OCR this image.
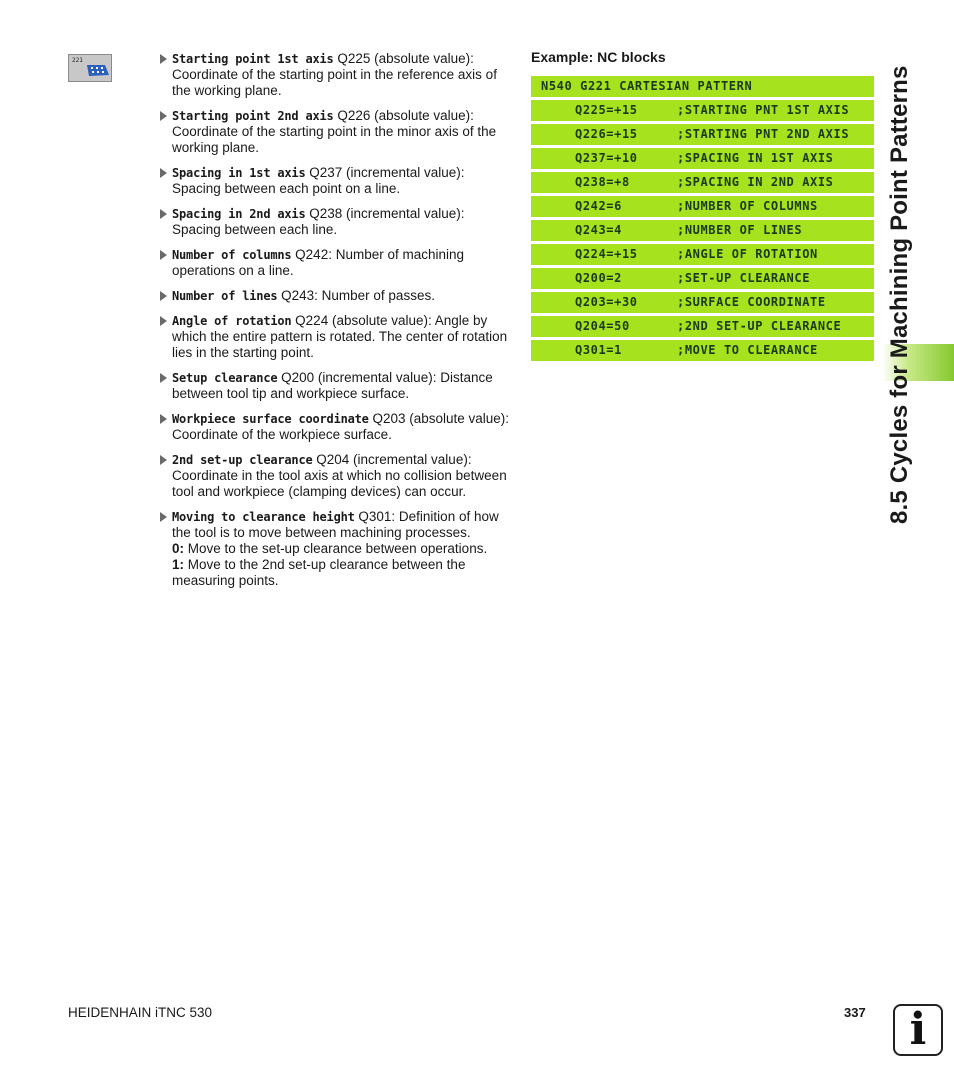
221	Starting point 1st axis Q225 (absolute value): Coordinate of the starting point in the reference axis of the working plane.
Starting point 2nd axis Q226 (absolute value): Coordinate of the starting point in the minor axis of the working plane.
Spacing in 1st axis Q237 (incremental value): Spacing between each point on a line.
Spacing in 2nd axis Q238 (incremental value): Spacing between each line.
Number of columns Q242: Number of machining operations on a line.
Number of lines Q243: Number of passes.
Angle of rotation Q224 (absolute value): Angle by which the entire pattern is rotated. The center of rotation lies in the starting point.
Setup clearance Q200 (incremental value): Distance between tool tip and workpiece surface.
Workpiece surface coordinate Q203 (absolute value): Coordinate of the workpiece surface.
2nd set-up clearance Q204 (incremental value): Coordinate in the tool axis at which no collision between tool and workpiece (clamping devices) can occur.
Moving to clearance height Q301: Definition of how the tool is to move between machining processes.
0: Move to the set-up clearance between operations.
1: Move to the 2nd set-up clearance between the measuring points.
Example: NC blocks
N540 G221 CARTESIAN PATTERN
Q225=+15	;STARTING PNT 1ST AXIS
Q226=+15	;STARTING PNT 2ND AXIS
Q237=+10	;SPACING IN 1ST AXIS
Q238=+8	;SPACING IN 2ND AXIS
Q242=6	;NUMBER OF COLUMNS
Q243=4	;NUMBER OF LINES
Q224=+15	;ANGLE OF ROTATION
Q200=2	;SET-UP CLEARANCE
Q203=+30	;SURFACE COORDINATE
Q204=50	;2ND SET-UP CLEARANCE
Q301=1	;MOVE TO CLEARANCE	8.5 Cycles for Machining Point Patterns
HEIDENHAIN iTNC 530	337 i
